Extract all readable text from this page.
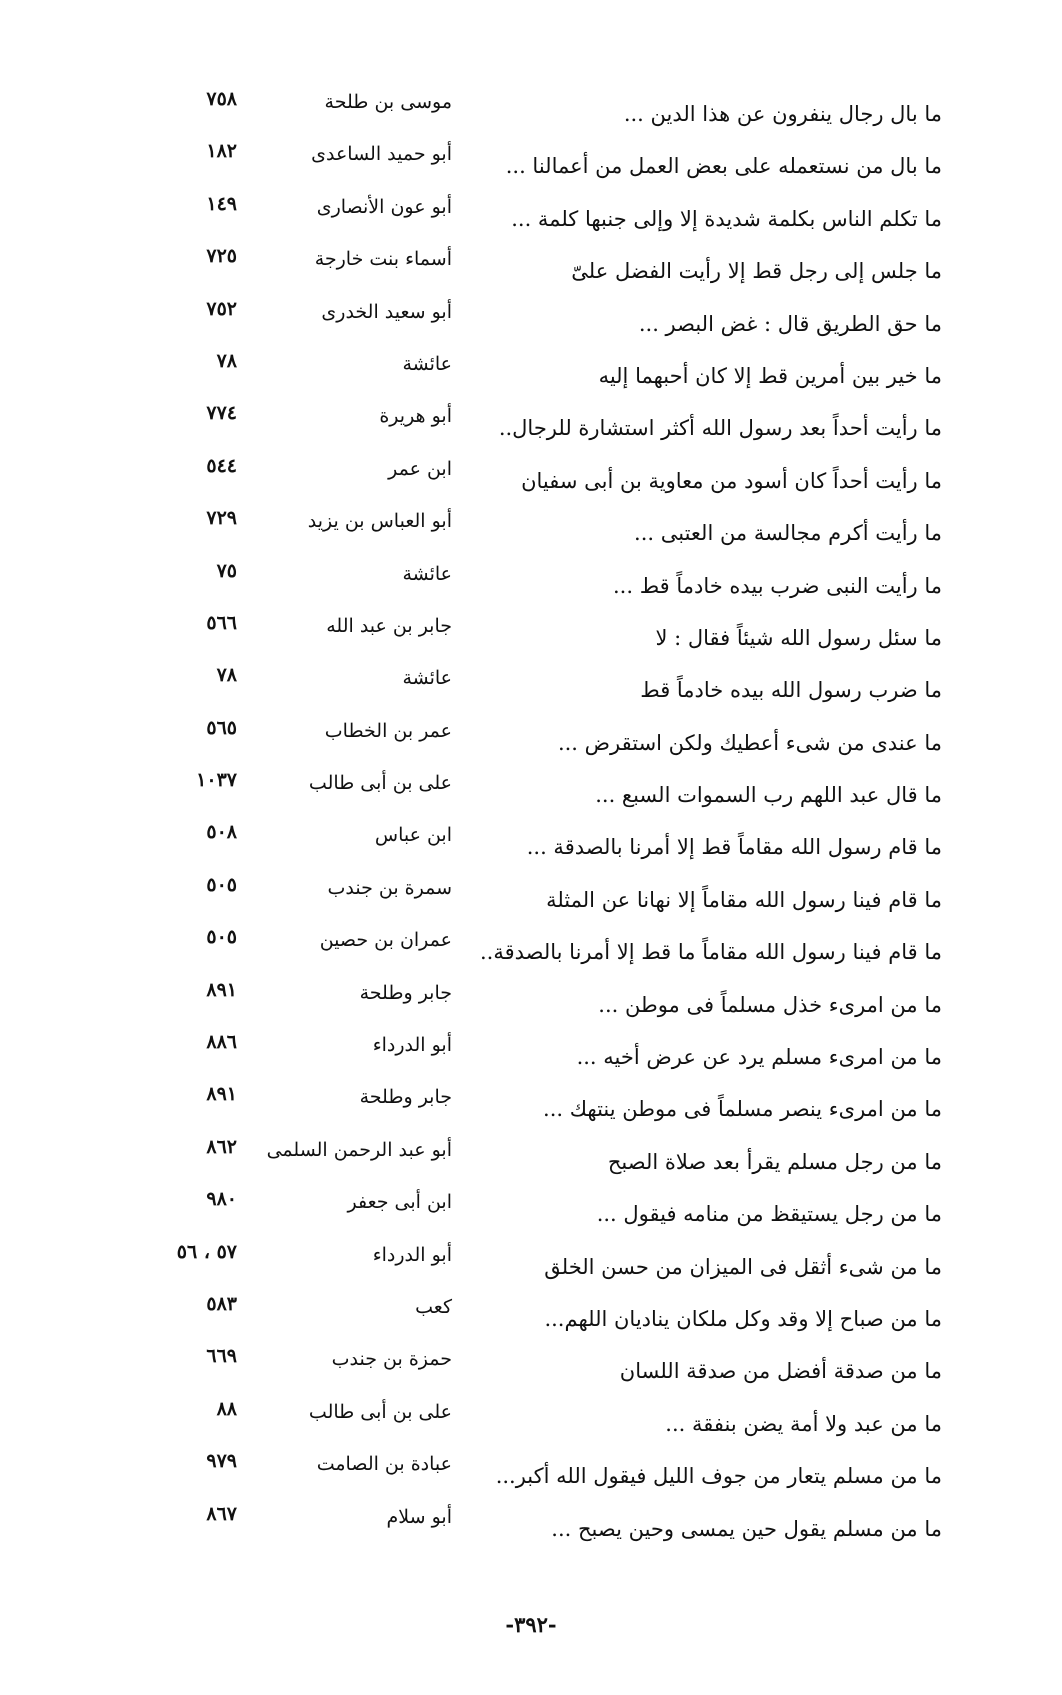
ما بال رجال ينفرون عن هذا الدين ...
موسى بن طلحة
٧٥٨
ما بال من نستعمله على بعض العمل من أعمالنا ...
أبو حميد الساعدى
١٨٢
ما تكلم الناس بكلمة شديدة إلا وإلى جنبها كلمة ...
أبو عون الأنصارى
١٤٩
ما جلس إلى رجل قط إلا رأيت الفضل علىّ
أسماء بنت خارجة
٧٢٥
ما حق الطريق قال : غض البصر ...
أبو سعيد الخدرى
٧٥٢
ما خير بين أمرين قط إلا كان أحبهما إليه
عائشة
٧٨
ما رأيت أحداً بعد رسول الله أكثر استشارة للرجال..
أبو هريرة
٧٧٤
ما رأيت أحداً كان أسود من معاوية بن أبى سفيان
ابن عمر
٥٤٤
ما رأيت أكرم مجالسة من العتبى ...
أبو العباس بن يزيد
٧٢٩
ما رأيت النبى ضرب بيده خادماً قط ...
عائشة
٧٥
ما سئل رسول الله شيئاً فقال : لا
جابر بن عبد الله
٥٦٦
ما ضرب رسول الله بيده خادماً قط
عائشة
٧٨
ما عندى من شىء أعطيك ولكن استقرض ...
عمر بن الخطاب
٥٦٥
ما قال عبد اللهم رب السموات السبع ...
على بن أبى طالب
١٠٣٧
ما قام رسول الله مقاماً قط إلا أمرنا بالصدقة ...
ابن عباس
٥٠٨
ما قام فينا رسول الله مقاماً إلا نهانا عن المثلة
سمرة بن جندب
٥٠٥
ما قام فينا رسول الله مقاماً ما قط إلا أمرنا بالصدقة..
عمران بن حصين
٥٠٥
ما من امرىء خذل مسلماً فى موطن ...
جابر وطلحة
٨٩١
ما من امرىء مسلم يرد عن عرض أخيه ...
أبو الدرداء
٨٨٦
ما من امرىء ينصر مسلماً فى موطن ينتهك ...
جابر وطلحة
٨٩١
ما من رجل مسلم يقرأ بعد صلاة الصبح
أبو عبد الرحمن السلمى
٨٦٢
ما من رجل يستيقظ من منامه فيقول ...
ابن أبى جعفر
٩٨٠
ما من شىء أثقل فى الميزان من حسن الخلق
أبو الدرداء
٥٧ ، ٥٦
ما من صباح إلا وقد وكل ملكان يناديان اللهم...
كعب
٥٨٣
ما من صدقة أفضل من صدقة اللسان
حمزة بن جندب
٦٦٩
ما من عبد ولا أمة يضن بنفقة ...
على بن أبى طالب
٨٨
ما من مسلم يتعار من جوف الليل فيقول الله أكبر...
عبادة بن الصامت
٩٧٩
ما من مسلم يقول حين يمسى وحين يصبح ...
أبو سلام
٨٦٧
-٣٩٢-
